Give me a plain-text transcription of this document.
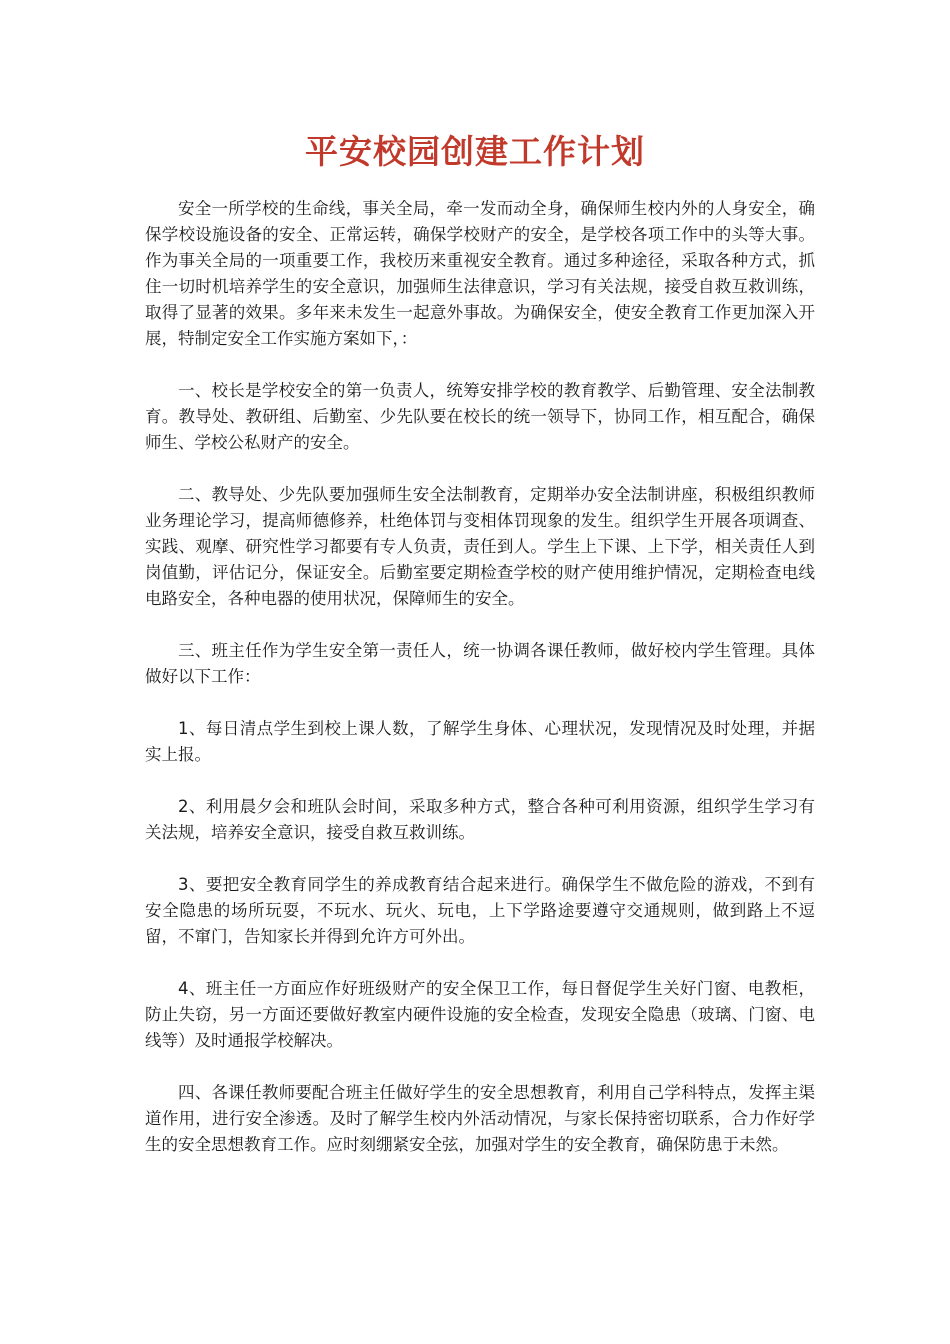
平安校园创建工作计划

安全一所学校的生命线，事关全局，牵一发而动全身，确保师生校内外的人身安全，确保学校设施设备的安全、正常运转，确保学校财产的安全，是学校各项工作中的头等大事。作为事关全局的一项重要工作，我校历来重视安全教育。通过多种途径，采取各种方式，抓住一切时机培养学生的安全意识，加强师生法律意识，学习有关法规，接受自救互救训练，取得了显著的效果。多年来未发生一起意外事故。为确保安全，使安全教育工作更加深入开展，特制定安全工作实施方案如下，：

一、校长是学校安全的第一负责人，统筹安排学校的教育教学、后勤管理、安全法制教育。教导处、教研组、后勤室、少先队要在校长的统一领导下，协同工作，相互配合，确保师生、学校公私财产的安全。

二、教导处、少先队要加强师生安全法制教育，定期举办安全法制讲座，积极组织教师业务理论学习，提高师德修养，杜绝体罚与变相体罚现象的发生。组织学生开展各项调查、实践、观摩、研究性学习都要有专人负责，责任到人。学生上下课、上下学，相关责任人到岗值勤，评估记分，保证安全。后勤室要定期检查学校的财产使用维护情况，定期检查电线电路安全，各种电器的使用状况，保障师生的安全。

三、班主任作为学生安全第一责任人，统一协调各课任教师，做好校内学生管理。具体做好以下工作：

1、每日清点学生到校上课人数，了解学生身体、心理状况，发现情况及时处理，并据实上报。

2、利用晨夕会和班队会时间，采取多种方式，整合各种可利用资源，组织学生学习有关法规，培养安全意识，接受自救互救训练。

3、要把安全教育同学生的养成教育结合起来进行。确保学生不做危险的游戏，不到有安全隐患的场所玩耍，不玩水、玩火、玩电，上下学路途要遵守交通规则，做到路上不逗留，不窜门，告知家长并得到允许方可外出。

4、班主任一方面应作好班级财产的安全保卫工作，每日督促学生关好门窗、电教柜，防止失窃，另一方面还要做好教室内硬件设施的安全检查，发现安全隐患（玻璃、门窗、电线等）及时通报学校解决。

四、各课任教师要配合班主任做好学生的安全思想教育，利用自己学科特点，发挥主渠道作用，进行安全渗透。及时了解学生校内外活动情况，与家长保持密切联系，合力作好学生的安全思想教育工作。应时刻绷紧安全弦，加强对学生的安全教育，确保防患于未然。
